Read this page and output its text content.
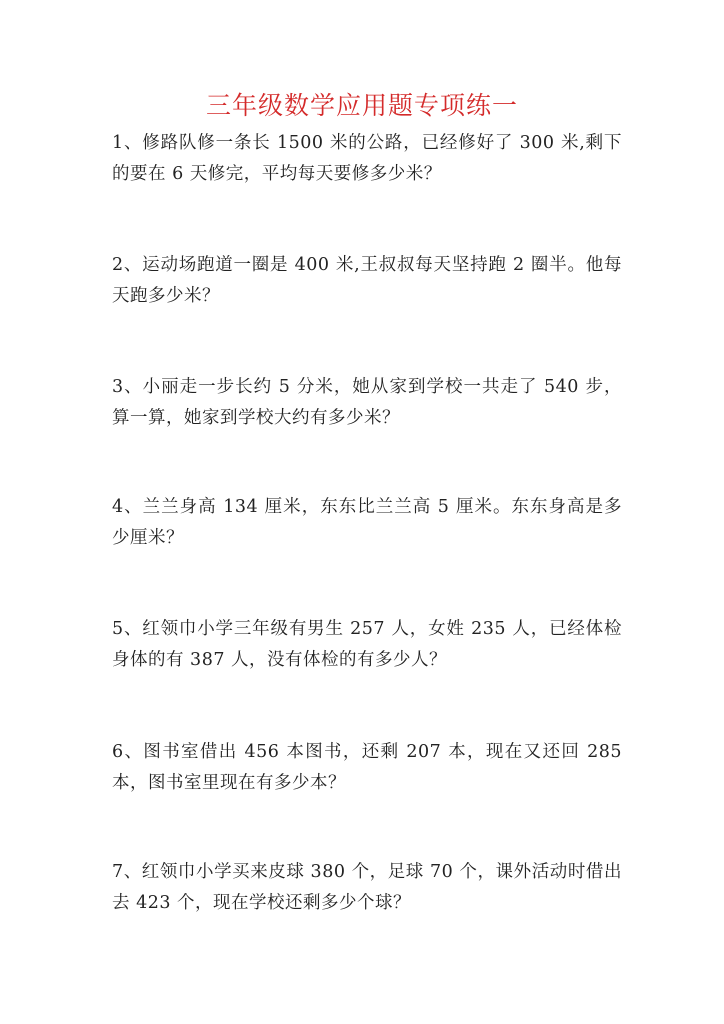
三年级数学应用题专项练一
1、修路队修一条长 1500 米的公路，已经修好了 300 米,剩下的要在 6 天修完，平均每天要修多少米？
2、运动场跑道一圈是 400 米,王叔叔每天坚持跑 2 圈半。他每天跑多少米？
3、小丽走一步长约 5 分米，她从家到学校一共走了 540 步，算一算，她家到学校大约有多少米？
4、兰兰身高 134 厘米，东东比兰兰高 5 厘米。东东身高是多少厘米？
5、红领巾小学三年级有男生 257 人，女姓 235 人，已经体检身体的有 387 人，没有体检的有多少人？
6、图书室借出 456 本图书，还剩 207 本，现在又还回 285 本，图书室里现在有多少本？
7、红领巾小学买来皮球 380 个，足球 70 个，课外活动时借出去 423 个，现在学校还剩多少个球？
